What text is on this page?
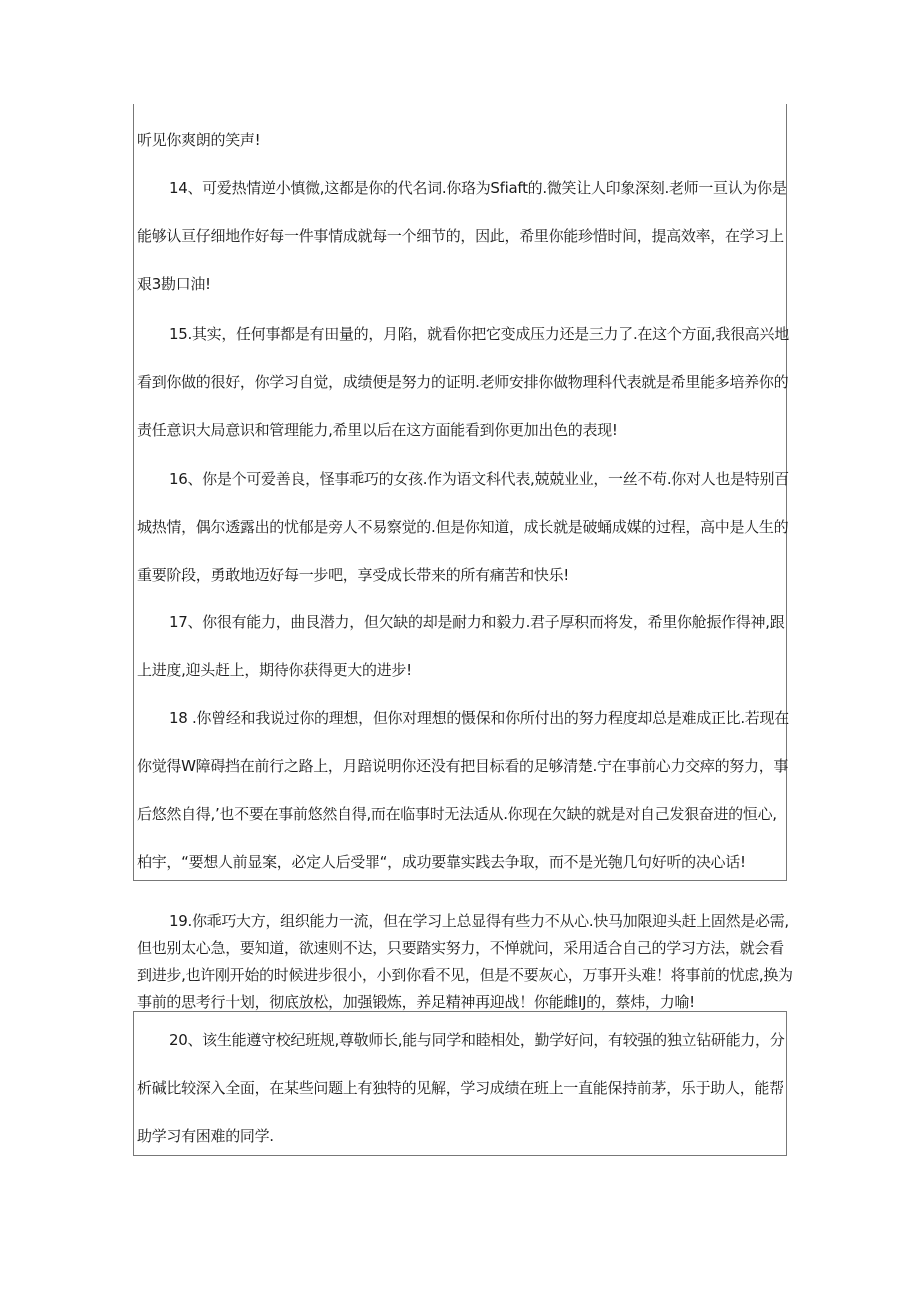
听见你爽朗的笑声!

14、可爱热情逆小慎微,这都是你的代名词.你珞为Sfiaft的.微笑让人印象深刻.老师一亘认为你是
能够认亘仔细地作好每一件事情成就每一个细节的，因此，希里你能珍惜时间，提高效率，在学习上
艰3勘口油!

15.其实，任何事都是有田量的，月陷，就看你把它变成压力还是三力了.在这个方面,我很高兴地
看到你做的很好，你学习自觉，成绩便是努力的证明.老师安排你做物理科代表就是希里能多培养你的
责任意识大局意识和管理能力,希里以后在这方面能看到你更加出色的表现!

16、你是个可爱善良，怪事乖巧的女孩.作为语文科代表,兢兢业业，一丝不苟.你对人也是特别百
城热情，偶尔透露出的忧郁是旁人不易察觉的.但是你知道，成长就是破蛹成媒的过程，高中是人生的
重要阶段，勇敢地迈好每一步吧，享受成长带来的所有痛苦和快乐!

17、你很有能力，曲艮潜力，但欠缺的却是耐力和毅力.君子厚积而将发，希里你舱振作得神,跟
上进度,迎头赶上，期待你获得更大的进步!

18 .你曾经和我说过你的理想，但你对理想的慑保和你所付出的努力程度却总是难成正比.若现在
你觉得W障碍挡在前行之路上，月踣说明你还没有把目标看的足够清楚.宁在事前心力交瘁的努力，事
后悠然自得,’也不要在事前悠然自得,而在临事时无法适从.你现在欠缺的就是对自己发狠奋进的恒心,
柏宇，“要想人前显案，必定人后受罪“，成功要靠实践去争取，而不是光匏几句好听的决心话!

19.你乖巧大方，组织能力一流，但在学习上总显得有些力不从心.快马加限迎头赶上固然是必需,
但也别太心急，要知道，欲速则不达，只要踏实努力，不惮就问，采用适合自己的学习方法，就会看
到进步,也许刚开始的时候进步很小，小到你看不见，但是不要灰心，万事开头难！将事前的忧虑,换为
事前的思考行十划，彻底放松，加强锻炼，养足精神再迎战！你能雌IJ的，蔡炜，力喻!

20、该生能遵守校纪班规,尊敬师长,能与同学和睦相处，勤学好问，有较强的独立钻研能力，分
析碱比较深入全面，在某些问题上有独特的见解，学习成绩在班上一直能保持前茅，乐于助人，能帮
助学习有困难的同学.
